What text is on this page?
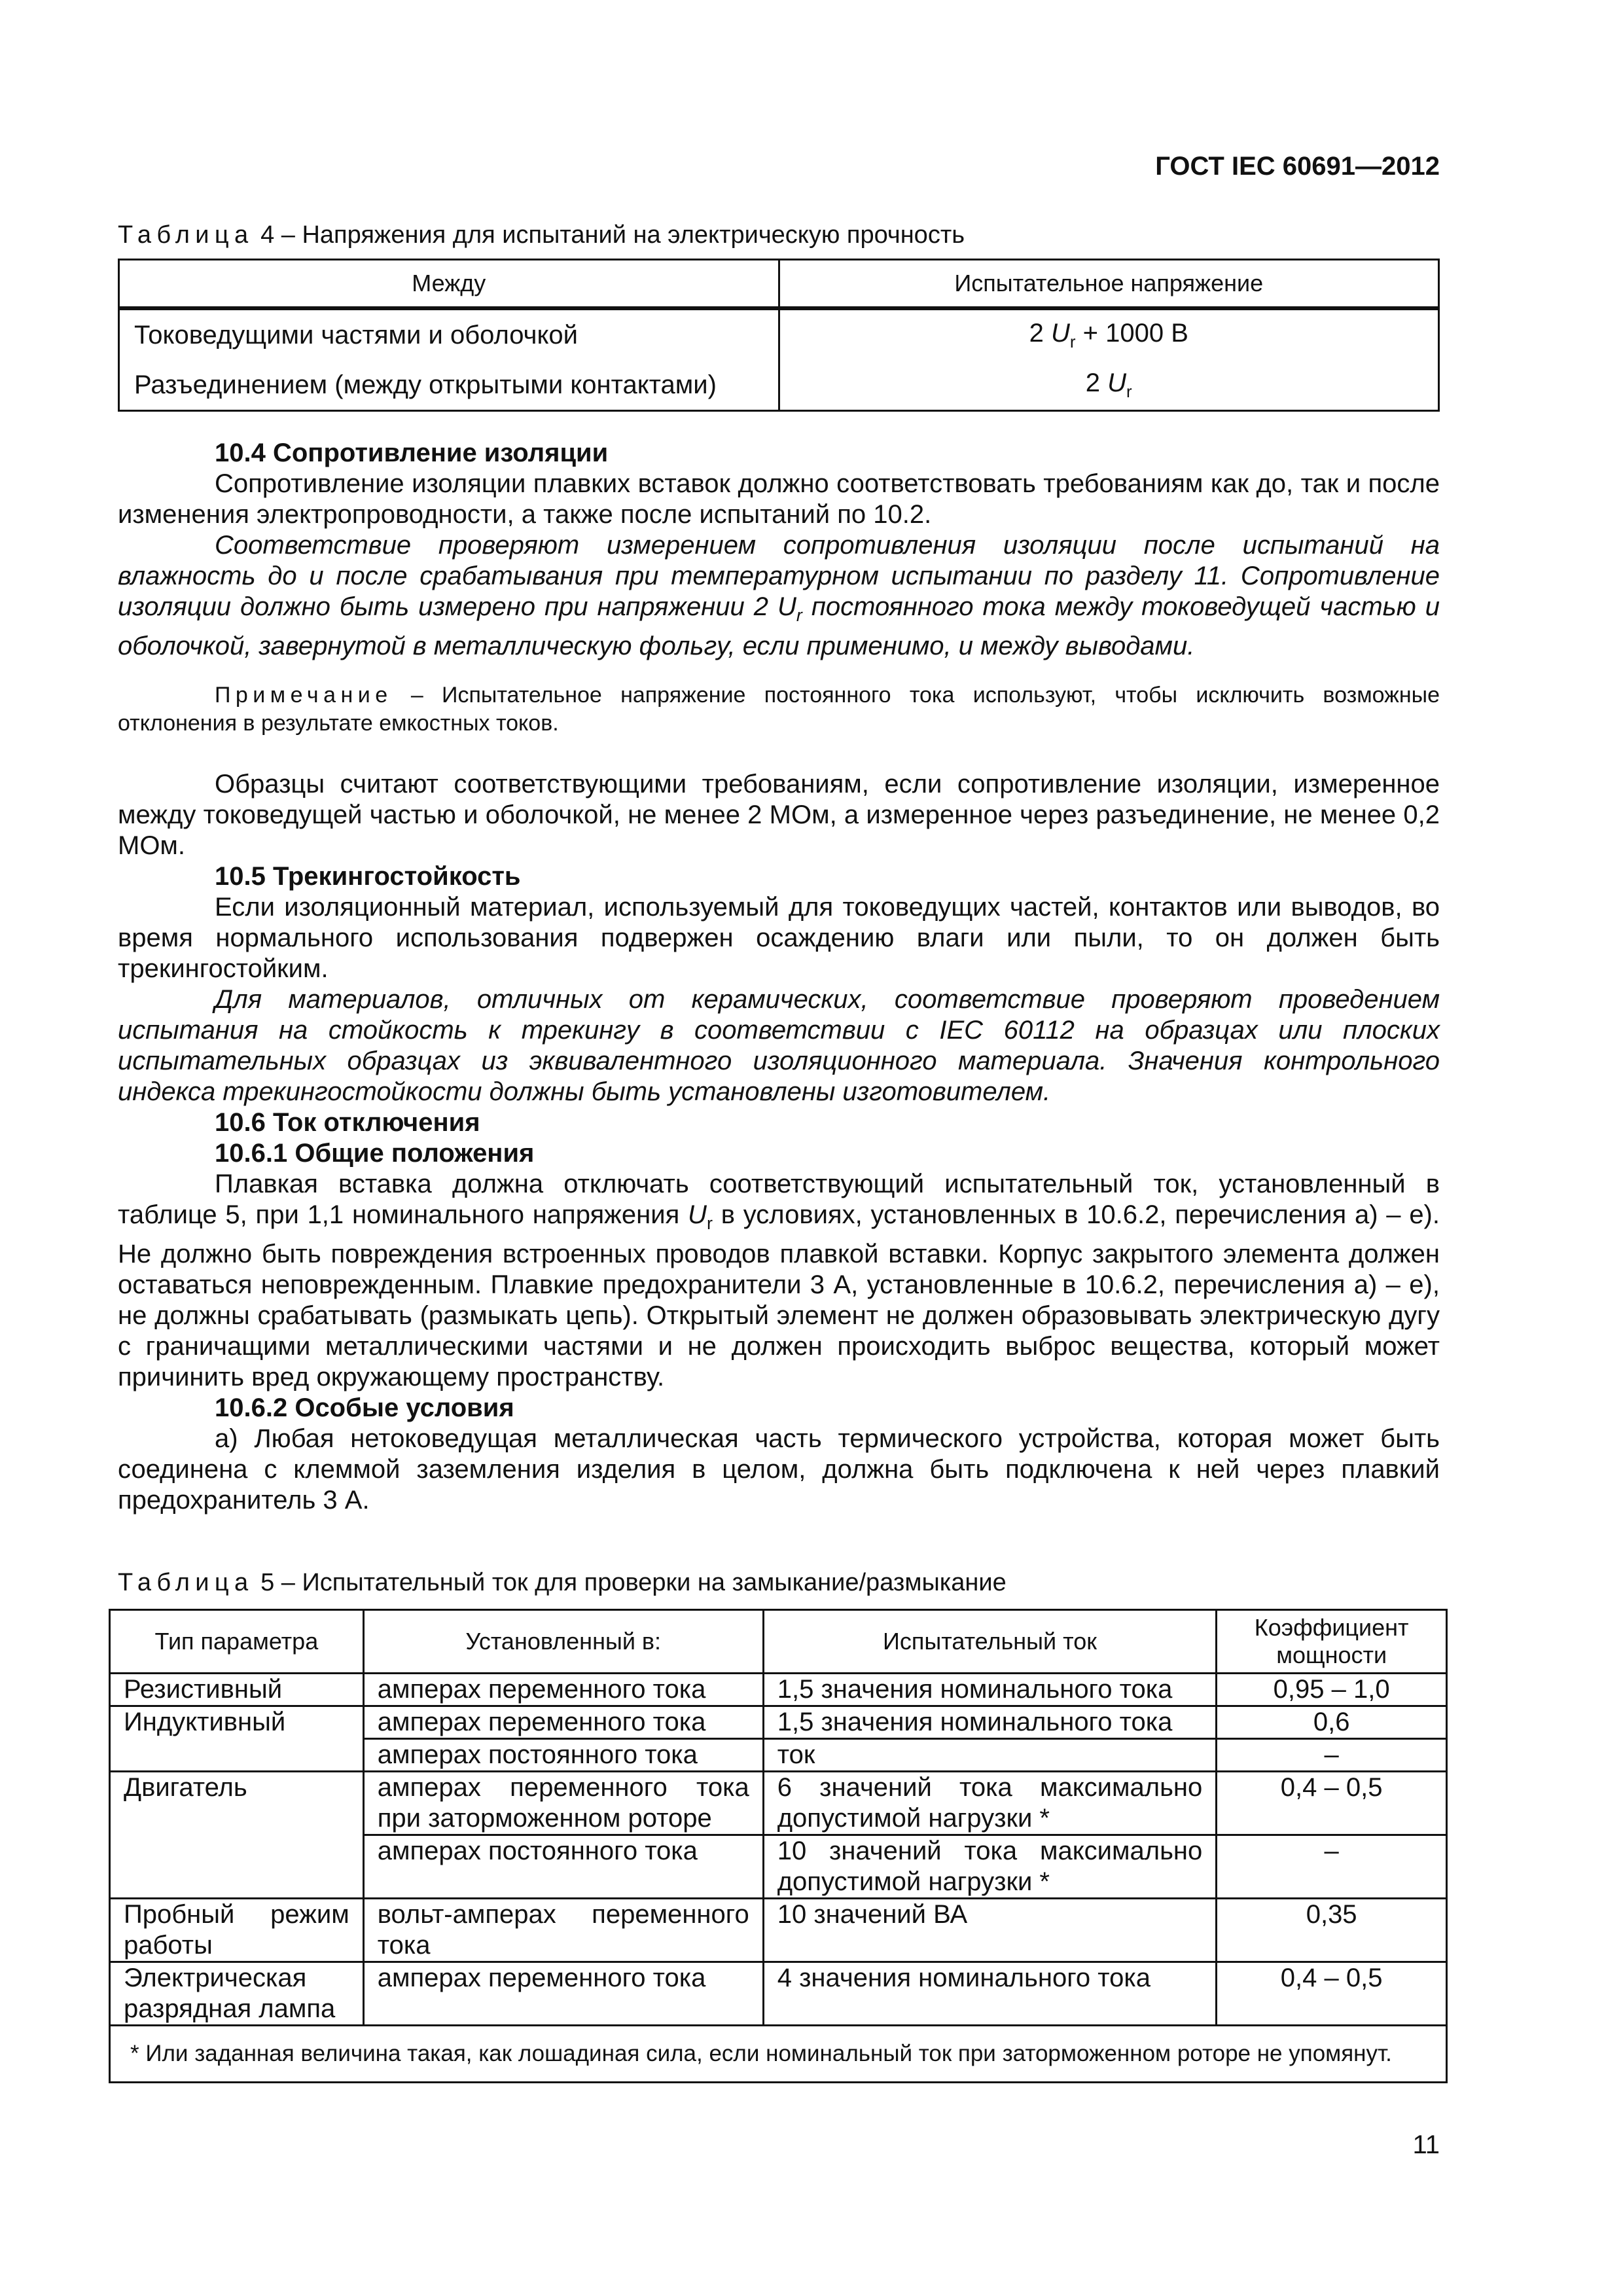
ГОСТ IEC 60691—2012
Таблица 4 – Напряжения для испытаний на электрическую прочность
Между	Испытательное напряжение
Токоведущими частями и оболочкой	2 $U_r + 1000$ В
Разъединением (между открытыми контактами)	2 $U_r$

10.4 Сопротивление изоляции

Сопротивление изоляции плавких вставок должно соответствовать требованиям как до, так и после изменения электропроводности, а также после испытаний по 10.2.

Соответствие проверяют измерением сопротивления изоляции после испытаний на влажность до и после срабатывания при температурном испытании по разделу 11. Сопротивление изоляции должно быть измерено при напряжении 2 $U_r$ постоянного тока между токоведущей частью и оболочкой, завернутой в металлическую фольгу, если применимо, и между выводами.

Примечание – Испытательное напряжение постоянного тока используют, чтобы исключить возможные отклонения в результате емкостных токов.

Образцы считают соответствующими требованиям, если сопротивление изоляции, измеренное между токоведущей частью и оболочкой, не менее 2 МОм, а измеренное через разъединение, не менее 0,2 МОм.

10.5 Трекингостойкость

Если изоляционный материал, используемый для токоведущих частей, контактов или выводов, во время нормального использования подвержен осаждению влаги или пыли, то он должен быть трекингостойким.

Для материалов, отличных от керамических, соответствие проверяют проведением испытания на стойкость к трекингу в соответствии с IEC 60112 на образцах или плоских испытательных образцах из эквивалентного изоляционного материала. Значения контрольного индекса трекингостойкости должны быть установлены изготовителем.

10.6 Ток отключения

10.6.1 Общие положения

Плавкая вставка должна отключать соответствующий испытательный ток, установленный в таблице 5, при 1,1 номинального напряжения $U_r$ в условиях, установленных в 10.6.2, перечисления а) – е). Не должно быть повреждения встроенных проводов плавкой вставки. Корпус закрытого элемента должен оставаться неповрежденным. Плавкие предохранители 3 А, установленные в 10.6.2, перечисления а) – е), не должны срабатывать (размыкать цепь). Открытый элемент не должен образовывать электрическую дугу с граничащими металлическими частями и не должен происходить выброс вещества, который может причинить вред окружающему пространству.

10.6.2 Особые условия

а) Любая нетоковедущая металлическая часть термического устройства, которая может быть соединена с клеммой заземления изделия в целом, должна быть подключена к ней через плавкий предохранитель 3 А.

Таблица 5 – Испытательный ток для проверки на замыкание/размыкание
Тип параметра	Установленный в:	Испытательный ток	Коэффициент мощности
Резистивный	амперах переменного тока	1,5 значения номинального тока	0,95 – 1,0
Индуктивный	амперах переменного тока	1,5 значения номинального тока	0,6
	амперах постоянного тока	ток	–
Двигатель	амперах переменного тока при заторможенном роторе	6 значений тока максимально допустимой нагрузки *	0,4 – 0,5
	амперах постоянного тока	10 значений тока максимально допустимой нагрузки *	–
Пробный режим работы	вольт-амперах переменного тока	10 значений ВА	0,35
Электрическая разрядная лампа	амперах переменного тока	4 значения номинального тока	0,4 – 0,5
* Или заданная величина такая, как лошадиная сила, если номинальный ток при заторможенном роторе не упомянут.			
11
